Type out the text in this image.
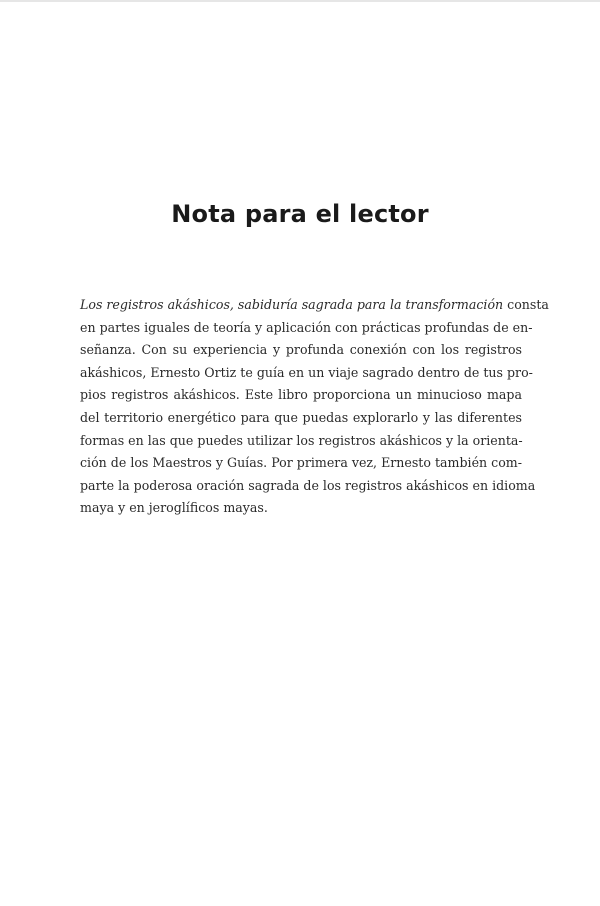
Nota para el lector
Los registros akáshicos, sabiduría sagrada para la transformación consta
en partes iguales de teoría y aplicación con prácticas profundas de en-
señanza. Con su experiencia y profunda conexión con los registros
akáshicos, Ernesto Ortiz te guía en un viaje sagrado dentro de tus pro-
pios registros akáshicos. Este libro proporciona un minucioso mapa
del territorio energético para que puedas explorarlo y las diferentes
formas en las que puedes utilizar los registros akáshicos y la orienta-
ción de los Maestros y Guías. Por primera vez, Ernesto también com-
parte la poderosa oración sagrada de los registros akáshicos en idioma
maya y en jeroglíficos mayas.
